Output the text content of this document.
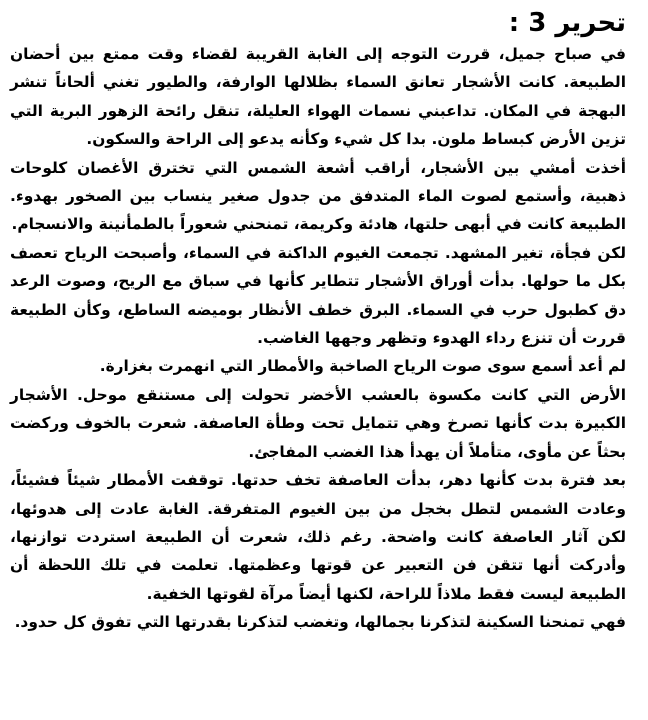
تحرير 3 :

في صباح جميل، قررت التوجه إلى الغابة القريبة لقضاء وقت ممتع بين أحضان الطبيعة. كانت الأشجار تعانق السماء بظلالها الوارفة، والطيور تغني ألحاناً تنشر البهجة في المكان. تداعبني نسمات الهواء العليلة، تنقل رائحة الزهور البرية التي تزين الأرض كبساط ملون. بدا كل شيء وكأنه يدعو إلى الراحة والسكون.

أخذت أمشي بين الأشجار، أراقب أشعة الشمس التي تخترق الأغصان كلوحات ذهبية، وأستمع لصوت الماء المتدفق من جدول صغير ينساب بين الصخور بهدوء. الطبيعة كانت في أبهى حلتها، هادئة وكريمة، تمنحني شعوراً بالطمأنينة والانسجام.

لكن فجأة، تغير المشهد. تجمعت الغيوم الداكنة في السماء، وأصبحت الرياح تعصف بكل ما حولها. بدأت أوراق الأشجار تتطاير كأنها في سباق مع الريح، وصوت الرعد دق كطبول حرب في السماء. البرق خطف الأنظار بوميضه الساطع، وكأن الطبيعة قررت أن تنزع رداء الهدوء وتظهر وجهها الغاضب.

لم أعد أسمع سوى صوت الرياح الصاخبة والأمطار التي انهمرت بغزارة.

الأرض التي كانت مكسوة بالعشب الأخضر تحولت إلى مستنقع موحل. الأشجار الكبيرة بدت كأنها تصرخ وهي تتمايل تحت وطأة العاصفة. شعرت بالخوف وركضت بحثاً عن مأوى، متأملاً أن يهدأ هذا الغضب المفاجئ.

بعد فترة بدت كأنها دهر، بدأت العاصفة تخف حدتها. توقفت الأمطار شيئاً فشيئاً، وعادت الشمس لتطل بخجل من بين الغيوم المتفرقة. الغابة عادت إلى هدوئها، لكن آثار العاصفة كانت واضحة. رغم ذلك، شعرت أن الطبيعة استردت توازنها، وأدركت أنها تتقن فن التعبير عن قوتها وعظمتها. تعلمت في تلك اللحظة أن الطبيعة ليست فقط ملاذاً للراحة، لكنها أيضاً مرآة لقوتها الخفية.

فهي تمنحنا السكينة لتذكرنا بجمالها، وتغضب لتذكرنا بقدرتها التي تفوق كل حدود.
